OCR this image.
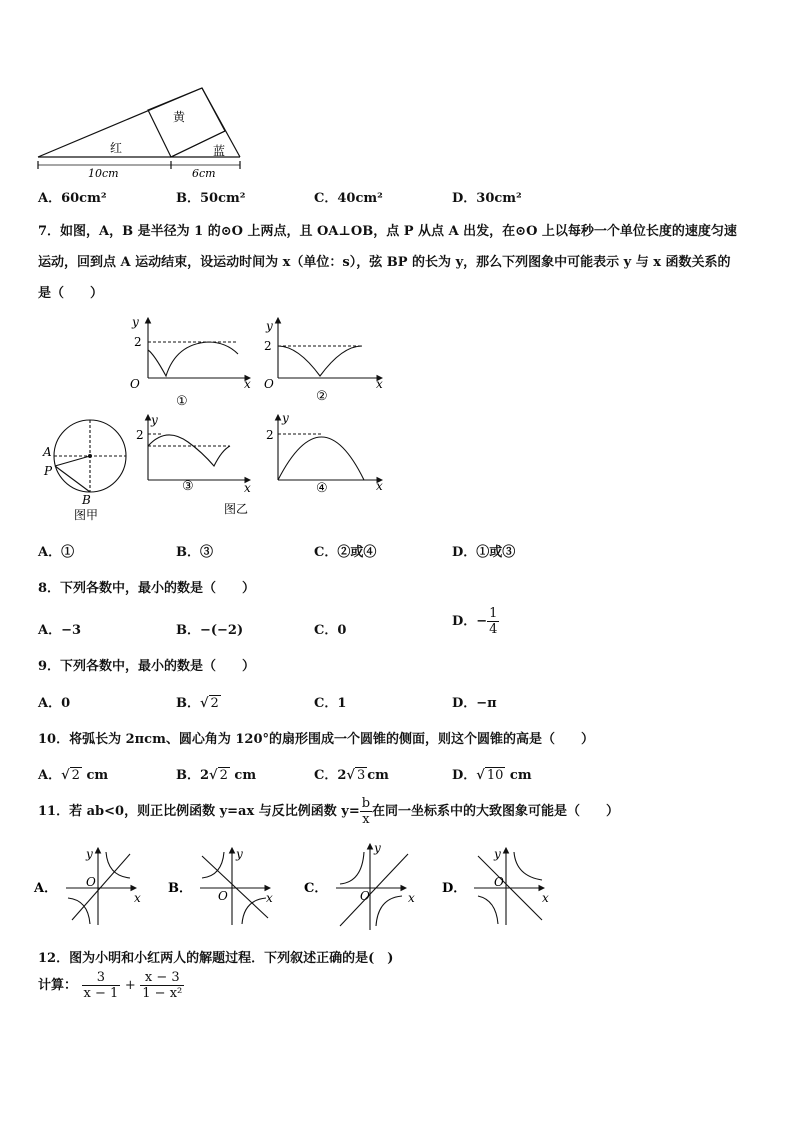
黄
红	蓝
10cm	6cm
A．60cm²	B．50cm²	C．40cm²	D．30cm²
7．如图，A，B 是半径为 1 的⊙O 上两点，且 OA⊥OB，点 P 从点 A 出发，在⊙O 上以每秒一个单位长度的速度匀速
运动，回到点 A 运动结束，设运动时间为 x（单位：s），弦 BP 的长为 y，那么下列图象中可能表示 y 与 x 函数关系的
是（　　）
y
2
O	x
①
y
2
O	x
②
y
2
x
③
y
2
x
④
A
P
B
图甲	图乙
A．①	B．③	C．②或④	D．①或③
8．下列各数中，最小的数是（　　）
A．−3	B．−(−2)	C．0
D．− $\frac{1}{4}$
9．下列各数中，最小的数是（　　）
A．0	B．√ 2	C．1	D．−π
10．将弧长为 2πcm、圆心角为 120°的扇形围成一个圆锥的侧面，则这个圆锥的高是（　　）
A．√ 2 cm	B．2√ 2 cm	C．2√ 3 cm	D．√ 10 cm
11．若 ab<0，则正比例函数 y=ax 与反比例函数 $y= \frac{b}{x}$ 在同一坐标系中的大致图象可能是（　　）
A．	B．	C．	D．
y
O
x
y
O	x
y
O	x
y
O
x
12．图为小明和小红两人的解题过程．下列叙述正确的是(　)
计算： $\frac{3}{x - 1} + \frac{x - 3}{\text{1 − x²}}$
